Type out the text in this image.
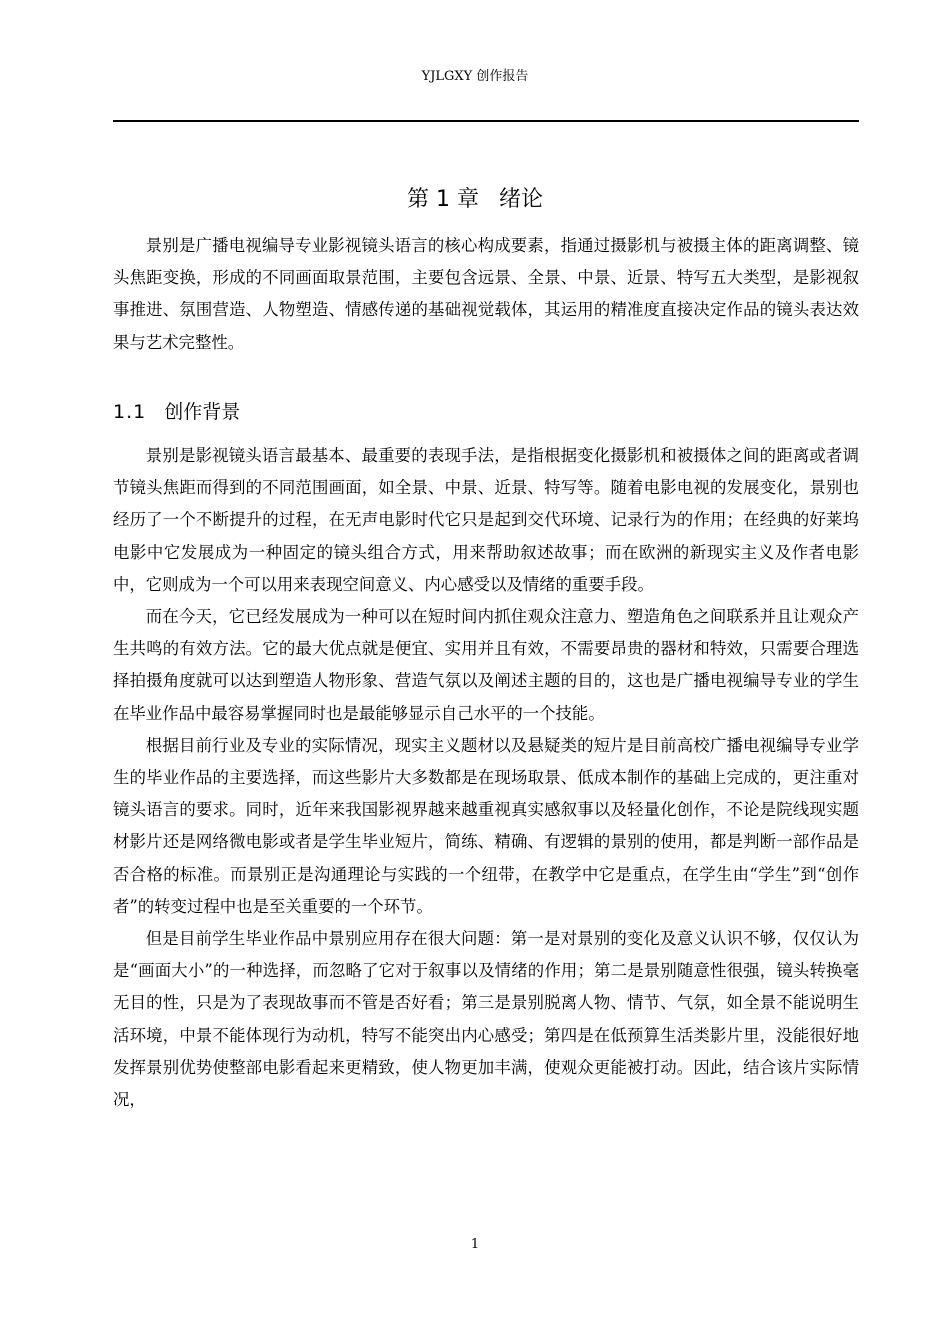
YJLGXY 创作报告
第 1 章 绪论

景别是广播电视编导专业影视镜头语言的核心构成要素，指通过摄影机与被摄主体的距离调整、镜头焦距变换，形成的不同画面取景范围，主要包含远景、全景、中景、近景、特写五大类型，是影视叙事推进、氛围营造、人物塑造、情感传递的基础视觉载体，其运用的精准度直接决定作品的镜头表达效果与艺术完整性。

1.1 创作背景

景别是影视镜头语言最基本、最重要的表现手法，是指根据变化摄影机和被摄体之间的距离或者调节镜头焦距而得到的不同范围画面，如全景、中景、近景、特写等。随着电影电视的发展变化，景别也经历了一个不断提升的过程，在无声电影时代它只是起到交代环境、记录行为的作用；在经典的好莱坞电影中它发展成为一种固定的镜头组合方式，用来帮助叙述故事；而在欧洲的新现实主义及作者电影中，它则成为一个可以用来表现空间意义、内心感受以及情绪的重要手段。

而在今天，它已经发展成为一种可以在短时间内抓住观众注意力、塑造角色之间联系并且让观众产生共鸣的有效方法。它的最大优点就是便宜、实用并且有效，不需要昂贵的器材和特效，只需要合理选择拍摄角度就可以达到塑造人物形象、营造气氛以及阐述主题的目的，这也是广播电视编导专业的学生在毕业作品中最容易掌握同时也是最能够显示自己水平的一个技能。

根据目前行业及专业的实际情况，现实主义题材以及悬疑类的短片是目前高校广播电视编导专业学生的毕业作品的主要选择，而这些影片大多数都是在现场取景、低成本制作的基础上完成的，更注重对镜头语言的要求。同时，近年来我国影视界越来越重视真实感叙事以及轻量化创作，不论是院线现实题材影片还是网络微电影或者是学生毕业短片，简练、精确、有逻辑的景别的使用，都是判断一部作品是否合格的标准。而景别正是沟通理论与实践的一个纽带，在教学中它是重点，在学生由“学生”到“创作者”的转变过程中也是至关重要的一个环节。

但是目前学生毕业作品中景别应用存在很大问题：第一是对景别的变化及意义认识不够，仅仅认为是“画面大小”的一种选择，而忽略了它对于叙事以及情绪的作用；第二是景别随意性很强，镜头转换毫无目的性，只是为了表现故事而不管是否好看；第三是景别脱离人物、情节、气氛，如全景不能说明生活环境，中景不能体现行为动机，特写不能突出内心感受；第四是在低预算生活类影片里，没能很好地发挥景别优势使整部电影看起来更精致，使人物更加丰满，使观众更能被打动。因此，结合该片实际情况，

1
